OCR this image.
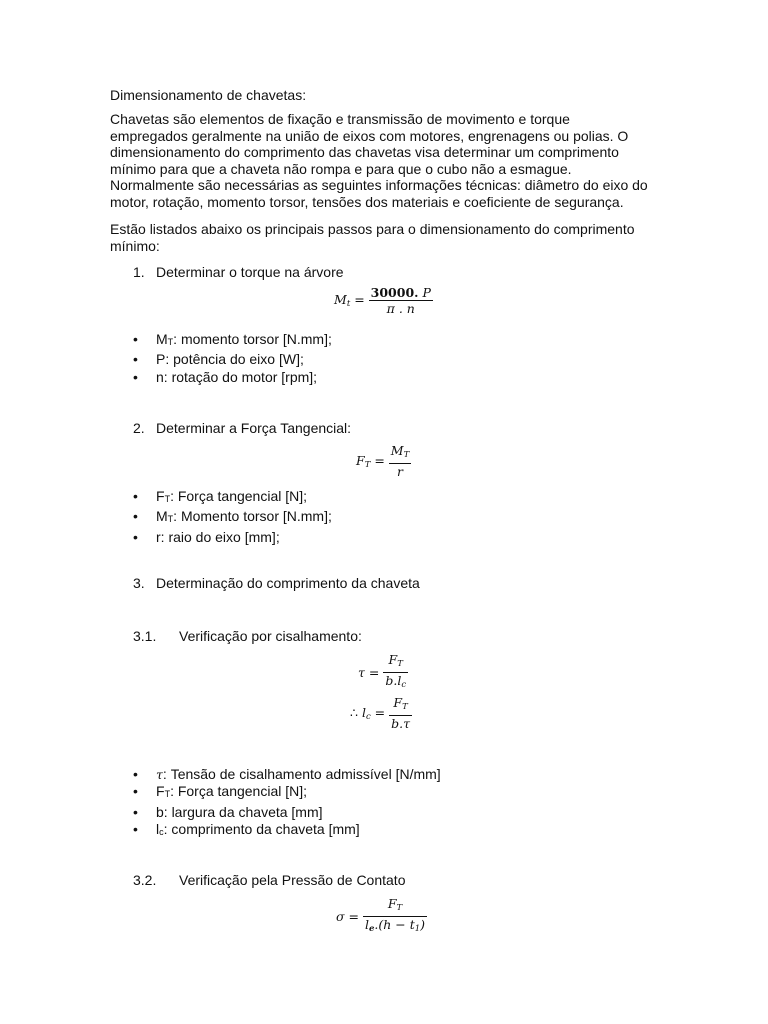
Dimensionamento de chavetas:

Chavetas são elementos de fixação e transmissão de movimento e torque
empregados geralmente na união de eixos com motores, engrenagens ou polias. O
dimensionamento do comprimento das chavetas visa determinar um comprimento
mínimo para que a chaveta não rompa e para que o cubo não a esmague.
Normalmente são necessárias as seguintes informações técnicas: diâmetro do eixo do
motor, rotação, momento torsor, tensões dos materiais e coeficiente de segurança.
Estão listados abaixo os principais passos para o dimensionamento do comprimento
mínimo:
1. Determinar o torque na árvore
$M_t = \frac{30000. P}{\pi . n}$
• $M_T$: momento torsor [N.mm];
• P: potência do eixo [W];
• n: rotação do motor [rpm];
2. Determinar a Força Tangencial:
$F_T = \frac{M_T}{r}$
• $F_T$: Força tangencial [N];
• $M_T$: Momento torsor [N.mm];
• r: raio do eixo [mm];
3. Determinação do comprimento da chaveta
3.1. Verificação por cisalhamento:
$\tau = \frac{F_T}{b.l_c}$
∴ $l_c = \frac{F_T}{b.\tau}$
• τ: Tensão de cisalhamento admissível [N/mm]
• $F_T$: Força tangencial [N];
• b: largura da chaveta [mm]
• $l_c$: comprimento da chaveta [mm]
3.2. Verificação pela Pressão de Contato
$\sigma = \frac{F_T}{l_e.(h - t_1)}$
